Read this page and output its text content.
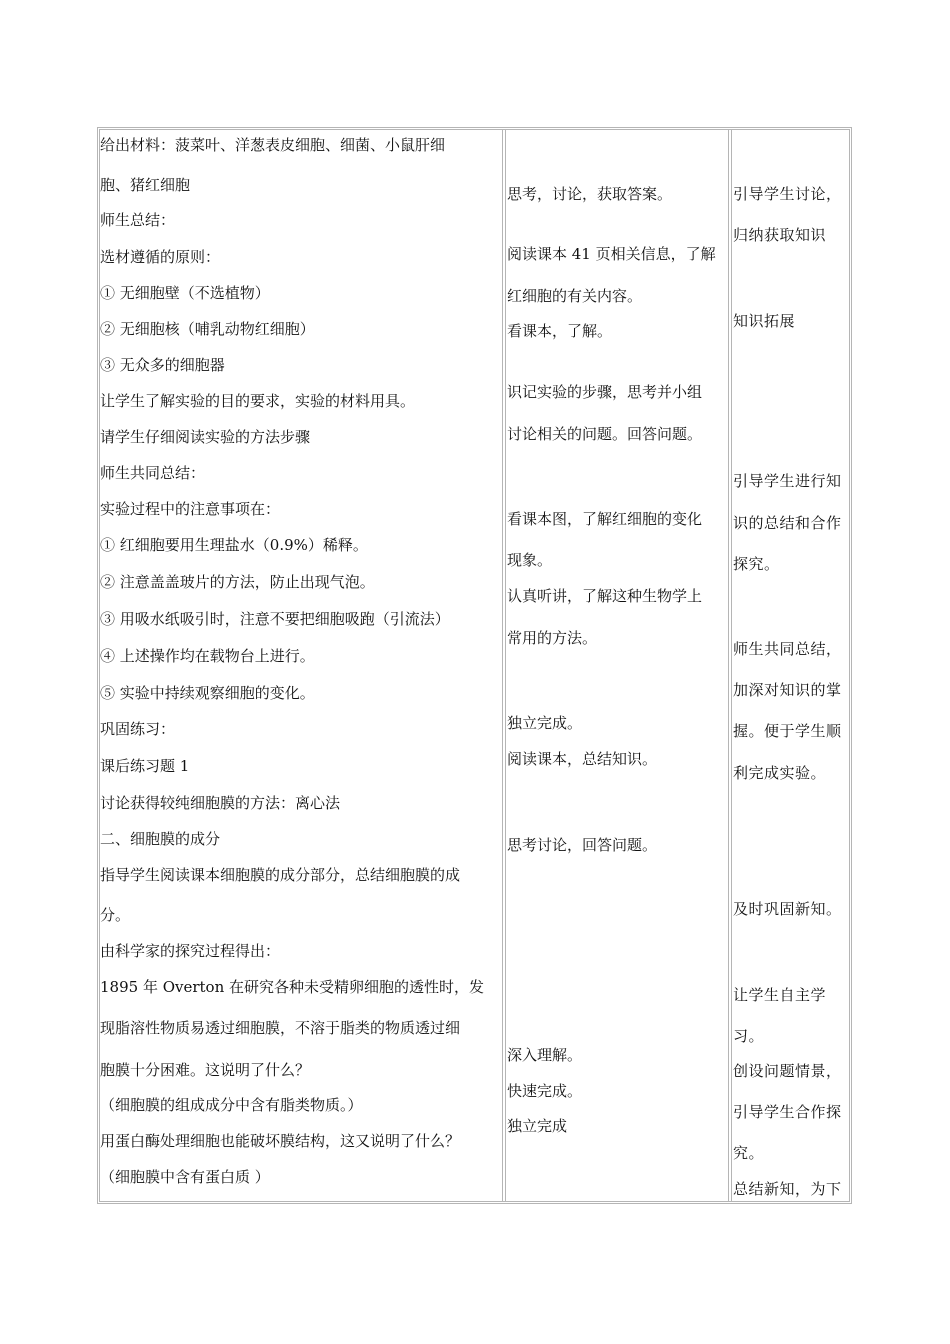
给出材料：菠菜叶、洋葱表皮细胞、细菌、小鼠肝细
胞、猪红细胞
师生总结：
选材遵循的原则：
① 无细胞壁（不选植物）
② 无细胞核（哺乳动物红细胞）
③ 无众多的细胞器
让学生了解实验的目的要求，实验的材料用具。
请学生仔细阅读实验的方法步骤
师生共同总结：
实验过程中的注意事项在：
① 红细胞要用生理盐水（0.9%）稀释。
② 注意盖盖玻片的方法，防止出现气泡。
③ 用吸水纸吸引时，注意不要把细胞吸跑（引流法）
④ 上述操作均在载物台上进行。
⑤ 实验中持续观察细胞的变化。
巩固练习：
课后练习题 1
讨论获得较纯细胞膜的方法：离心法
二、细胞膜的成分
指导学生阅读课本细胞膜的成分部分，总结细胞膜的成
分。
由科学家的探究过程得出：
1895 年 Overton 在研究各种未受精卵细胞的透性时，发
现脂溶性物质易透过细胞膜，不溶于脂类的物质透过细
胞膜十分困难。这说明了什么？
（细胞膜的组成成分中含有脂类物质。）
用蛋白酶处理细胞也能破坏膜结构，这又说明了什么？
（细胞膜中含有蛋白质 ）
思考，讨论，获取答案。
阅读课本 41 页相关信息，了解
红细胞的有关内容。
看课本，了解。
识记实验的步骤，思考并小组
讨论相关的问题。回答问题。
看课本图，了解红细胞的变化
现象。
认真听讲，了解这种生物学上
常用的方法。
独立完成。
阅读课本，总结知识。
思考讨论，回答问题。
深入理解。
快速完成。
独立完成
引导学生讨论，
归纳获取知识
知识拓展
引导学生进行知
识的总结和合作
探究。
师生共同总结，
加深对知识的掌
握。便于学生顺
利完成实验。
及时巩固新知。
让学生自主学
习。
创设问题情景，
引导学生合作探
究。
总结新知，为下
